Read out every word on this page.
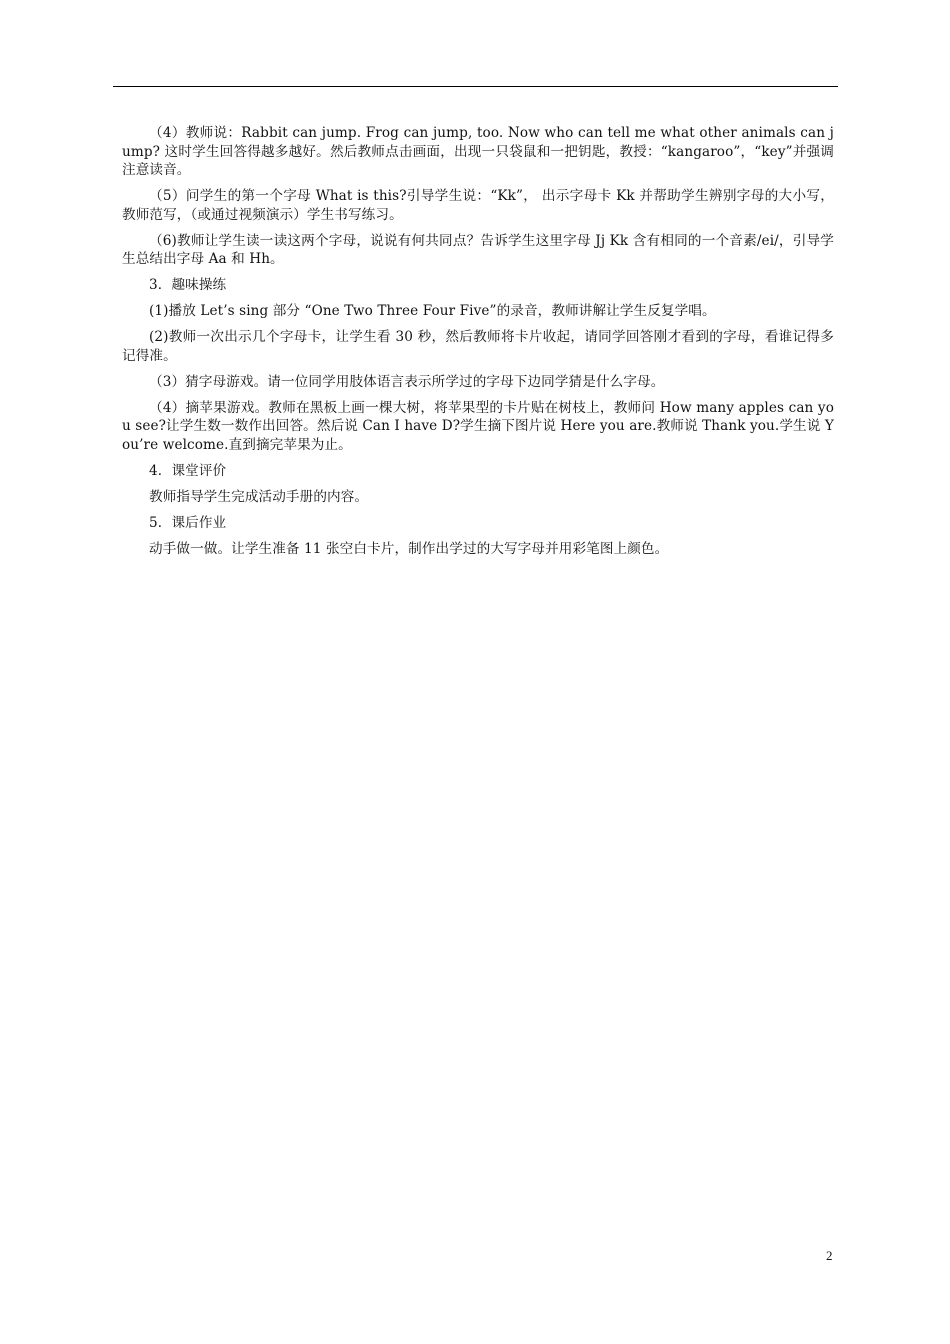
（4）教师说：Rabbit can jump. Frog can jump, too. Now who can tell me what other animals can jump? 这时学生回答得越多越好。然后教师点击画面，出现一只袋鼠和一把钥匙，教授：“kangaroo”，“key”并强调注意读音。

（5）问学生的第一个字母 What is this?引导学生说：“Kk”， 出示字母卡 Kk 并帮助学生辨别字母的大小写，教师范写，（或通过视频演示）学生书写练习。

（6)教师让学生读一读这两个字母，说说有何共同点？告诉学生这里字母 Jj Kk 含有相同的一个音素/ei/，引导学生总结出字母 Aa 和 Hh。

3．趣味操练

(1)播放 Let’s sing 部分 “One Two Three Four Five”的录音，教师讲解让学生反复学唱。

(2)教师一次出示几个字母卡，让学生看 30 秒，然后教师将卡片收起，请同学回答刚才看到的字母，看谁记得多记得准。

（3）猜字母游戏。请一位同学用肢体语言表示所学过的字母下边同学猜是什么字母。

（4）摘苹果游戏。教师在黑板上画一棵大树，将苹果型的卡片贴在树枝上，教师问 How many apples can you see?让学生数一数作出回答。然后说 Can I have D?学生摘下图片说 Here you are.教师说 Thank you.学生说 You’re welcome.直到摘完苹果为止。

4．课堂评价

教师指导学生完成活动手册的内容。

5．课后作业

动手做一做。让学生准备 11 张空白卡片，制作出学过的大写字母并用彩笔图上颜色。

2
